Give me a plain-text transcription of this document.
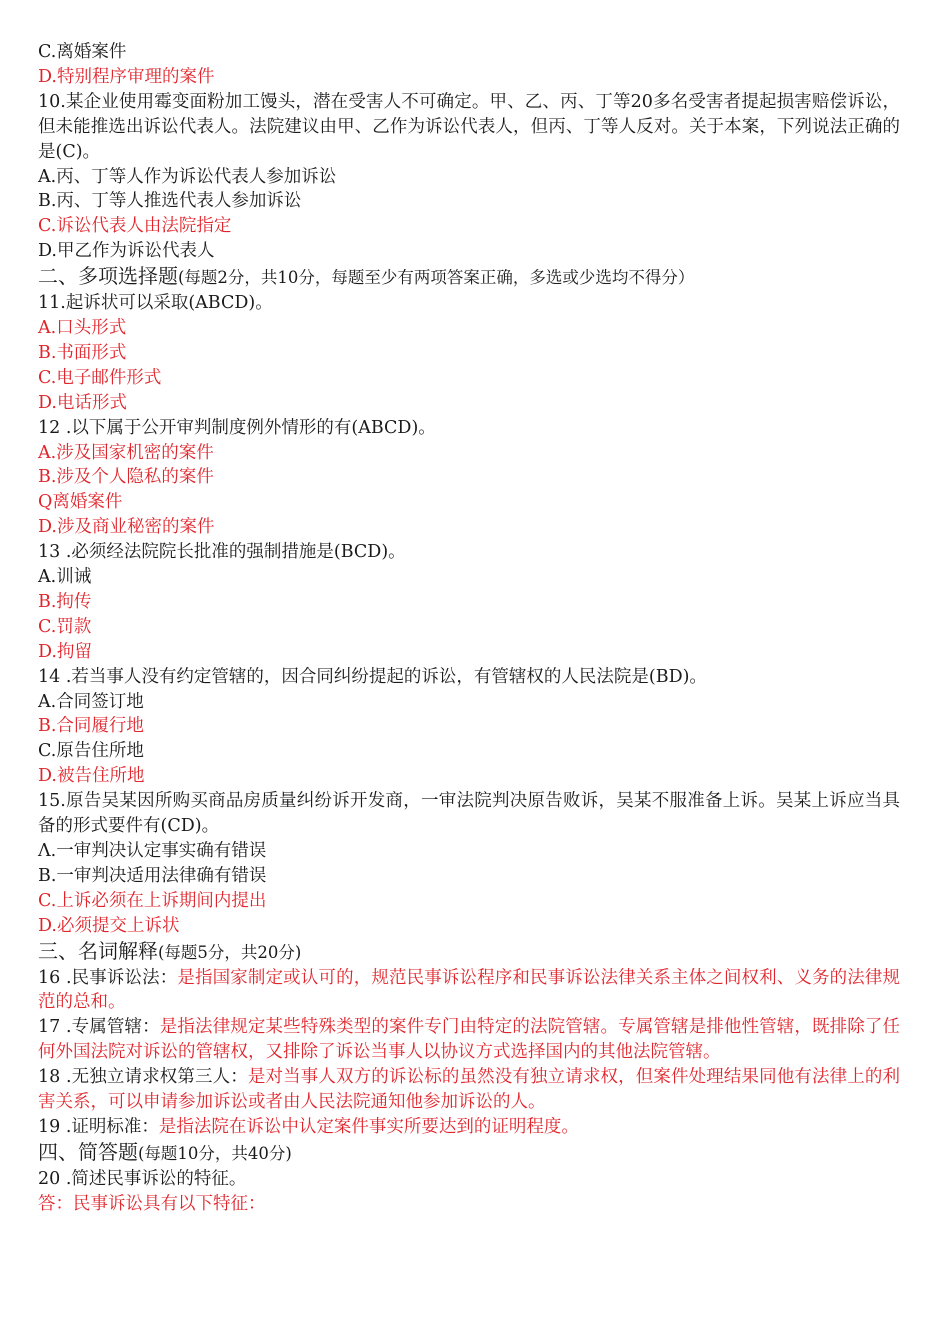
C.离婚案件
D.特别程序审理的案件
10.某企业使用霉变面粉加工馒头，潜在受害人不可确定。甲、乙、丙、丁等20多名受害者提起损害赔偿诉讼，但未能推选出诉讼代表人。法院建议由甲、乙作为诉讼代表人，但丙、丁等人反对。关于本案，下列说法正确的是(C)。
A.丙、丁等人作为诉讼代表人参加诉讼
B.丙、丁等人推选代表人参加诉讼
C.诉讼代表人由法院指定
D.甲乙作为诉讼代表人
二、多项选择题(每题2分，共10分，每题至少有两项答案正确，多选或少选均不得分）
11.起诉状可以采取(ABCD)。
A.口头形式
B.书面形式
C.电子邮件形式
D.电话形式
12 .以下属于公开审判制度例外情形的有(ABCD)。
A.涉及国家机密的案件
B.涉及个人隐私的案件
Q离婚案件
D.涉及商业秘密的案件
13 .必须经法院院长批准的强制措施是(BCD)。
A.训诫
B.拘传
C.罚款
D.拘留
14 .若当事人没有约定管辖的，因合同纠纷提起的诉讼，有管辖权的人民法院是(BD)。
A.合同签订地
B.合同履行地
C.原告住所地
D.被告住所地
15.原告吴某因所购买商品房质量纠纷诉开发商，一审法院判决原告败诉，吴某不服准备上诉。吴某上诉应当具备的形式要件有(CD)。
Λ.一审判决认定事实确有错误
B.一审判决适用法律确有错误
C.上诉必须在上诉期间内提出
D.必须提交上诉状
三、名词解释(每题5分，共20分)
16 .民事诉讼法：是指国家制定或认可的，规范民事诉讼程序和民事诉讼法律关系主体之间权利、义务的法律规范的总和。
17 .专属管辖：是指法律规定某些特殊类型的案件专门由特定的法院管辖。专属管辖是排他性管辖，既排除了任何外国法院对诉讼的管辖权，又排除了诉讼当事人以协议方式选择国内的其他法院管辖。
18 .无独立请求权第三人：是对当事人双方的诉讼标的虽然没有独立请求权，但案件处理结果同他有法律上的利害关系，可以申请参加诉讼或者由人民法院通知他参加诉讼的人。
19 .证明标准：是指法院在诉讼中认定案件事实所要达到的证明程度。
四、简答题(每题10分，共40分)
20 .简述民事诉讼的特征。
答：民事诉讼具有以下特征：
